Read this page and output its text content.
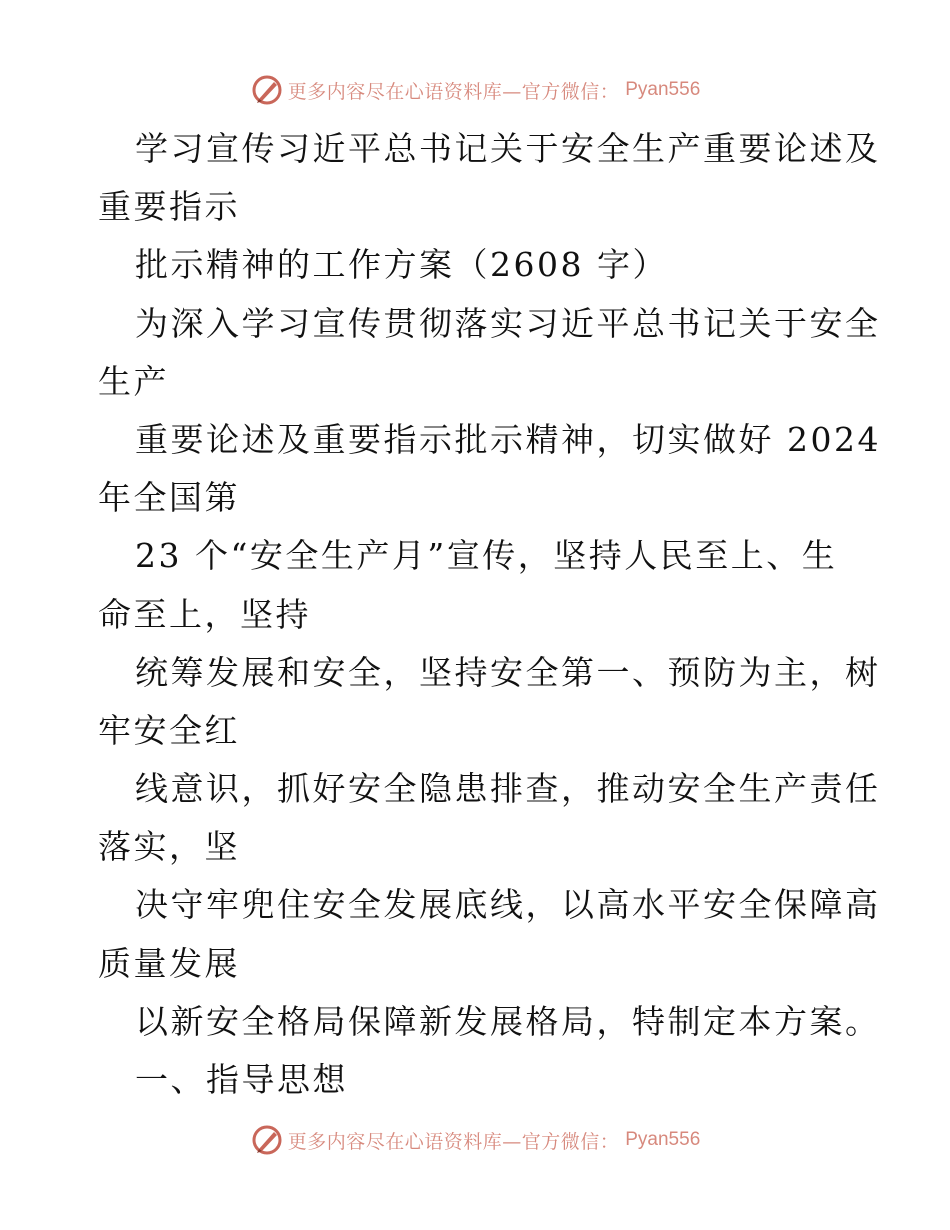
更多内容尽在心语资料库—官方微信： Pyan556
学习宣传习近平总书记关于安全生产重要论述及
重要指示
批示精神的工作方案（2608 字）
为深入学习宣传贯彻落实习近平总书记关于安全
生产
重要论述及重要指示批示精神，切实做好 2024
年全国第
23 个“安全生产月”宣传，坚持人民至上、生
命至上，坚持
统筹发展和安全，坚持安全第一、预防为主，树
牢安全红
线意识，抓好安全隐患排查，推动安全生产责任
落实，坚
决守牢兜住安全发展底线，以高水平安全保障高
质量发展
以新安全格局保障新发展格局，特制定本方案。
一、指导思想
更多内容尽在心语资料库—官方微信： Pyan556
